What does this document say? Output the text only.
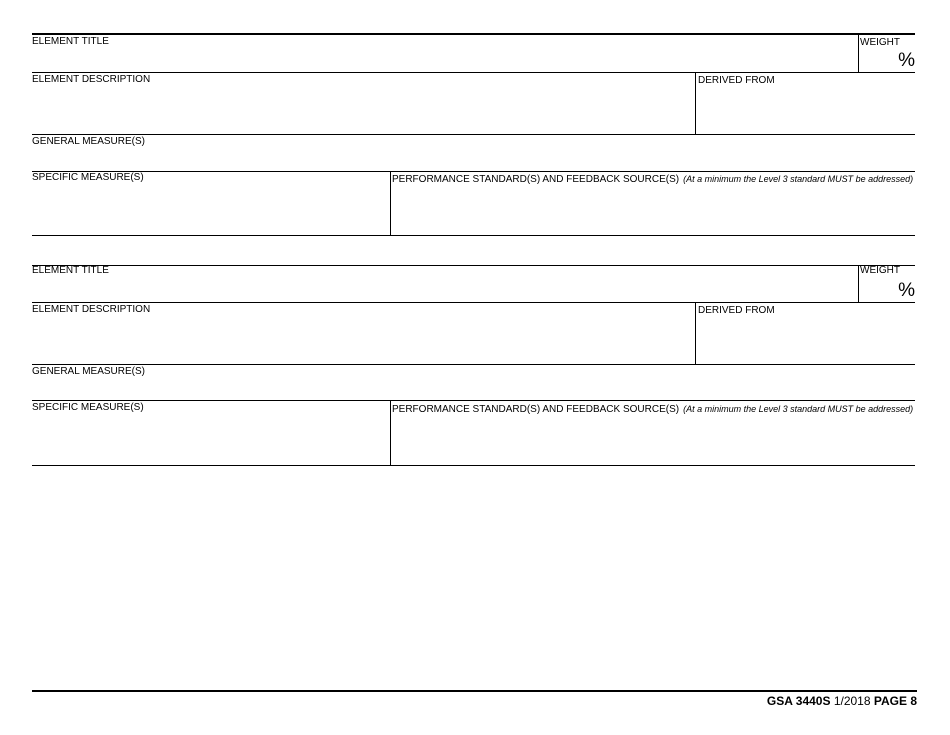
ELEMENT TITLE	WEIGHT
%
ELEMENT DESCRIPTION	DERIVED FROM
GENERAL MEASURE(S)
SPECIFIC MEASURE(S)	PERFORMANCE STANDARD(S) AND FEEDBACK SOURCE(S) (At a minimum the Level 3 standard MUST be addressed)
ELEMENT TITLE	WEIGHT
%
ELEMENT DESCRIPTION	DERIVED FROM
GENERAL MEASURE(S)
SPECIFIC MEASURE(S)	PERFORMANCE STANDARD(S) AND FEEDBACK SOURCE(S) (At a minimum the Level 3 standard MUST be addressed)
GSA 3440S 1/2018 PAGE 8
